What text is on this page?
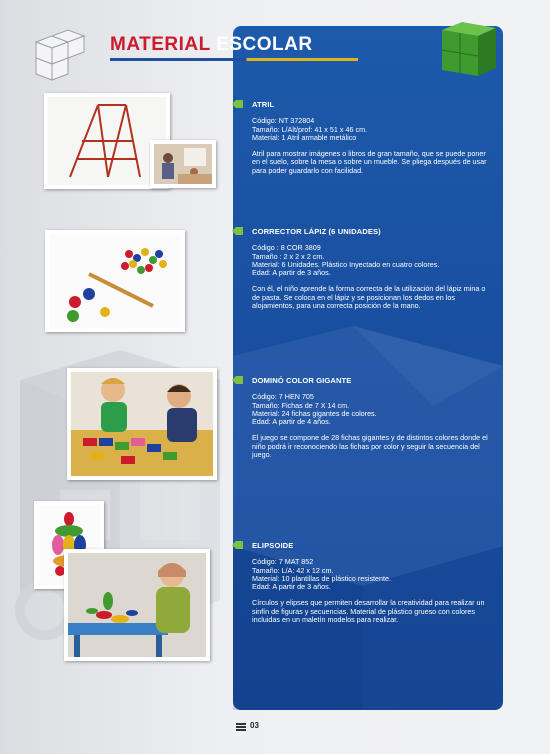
MATERIAL ESCOLAR
ATRIL
Código: NT 372804
Tamaño: L/Alt/prof: 41 x 51 x 46 cm.
Material: 1 Atril armable metálico
Atril para mostrar imágenes o libros de gran tamaño, que se puede poner en el suelo, sobre la mesa o sobre un mueble. Se pliega después de usar para poder guardarlo con facilidad.
CORRECTOR LÁPIZ (6 UNIDADES)
Código : 8 COR 3809
Tamaño : 2 x 2 x 2 cm.
Material: 6 Unidades. Plástico Inyectado en cuatro colores.
Edad: A partir de 3 años.
Con él, el niño aprende la forma correcta de la utilización del lápiz mina o de pasta. Se coloca en el lápiz y se posicionan los dedos en los alojamientos, para una correcta posición de la mano.
DOMINÓ COLOR GIGANTE
Código: 7 HEN 705
Tamaño: Fichas de 7 X 14 cm.
Material: 24 fichas gigantes de colores.
Edad: A partir de 4 años.
El juego se compone de 28 fichas gigantes y de distintos colores donde el niño podrá ir reconociendo las fichas por color y seguir la secuencia del juego.
ELIPSOIDE
Código: 7 MAT 852
Tamaño: L/A: 42 x 12 cm.
Material: 10 plantillas de plástico resistente.
Edad: A partir de 3 años.
Círculos y elipses que permiten desarrollar la creatividad para realizar un sinfín de figuras y secuencias. Material de plástico grueso con colores incluidas en un maletín modelos para realizar.
03
